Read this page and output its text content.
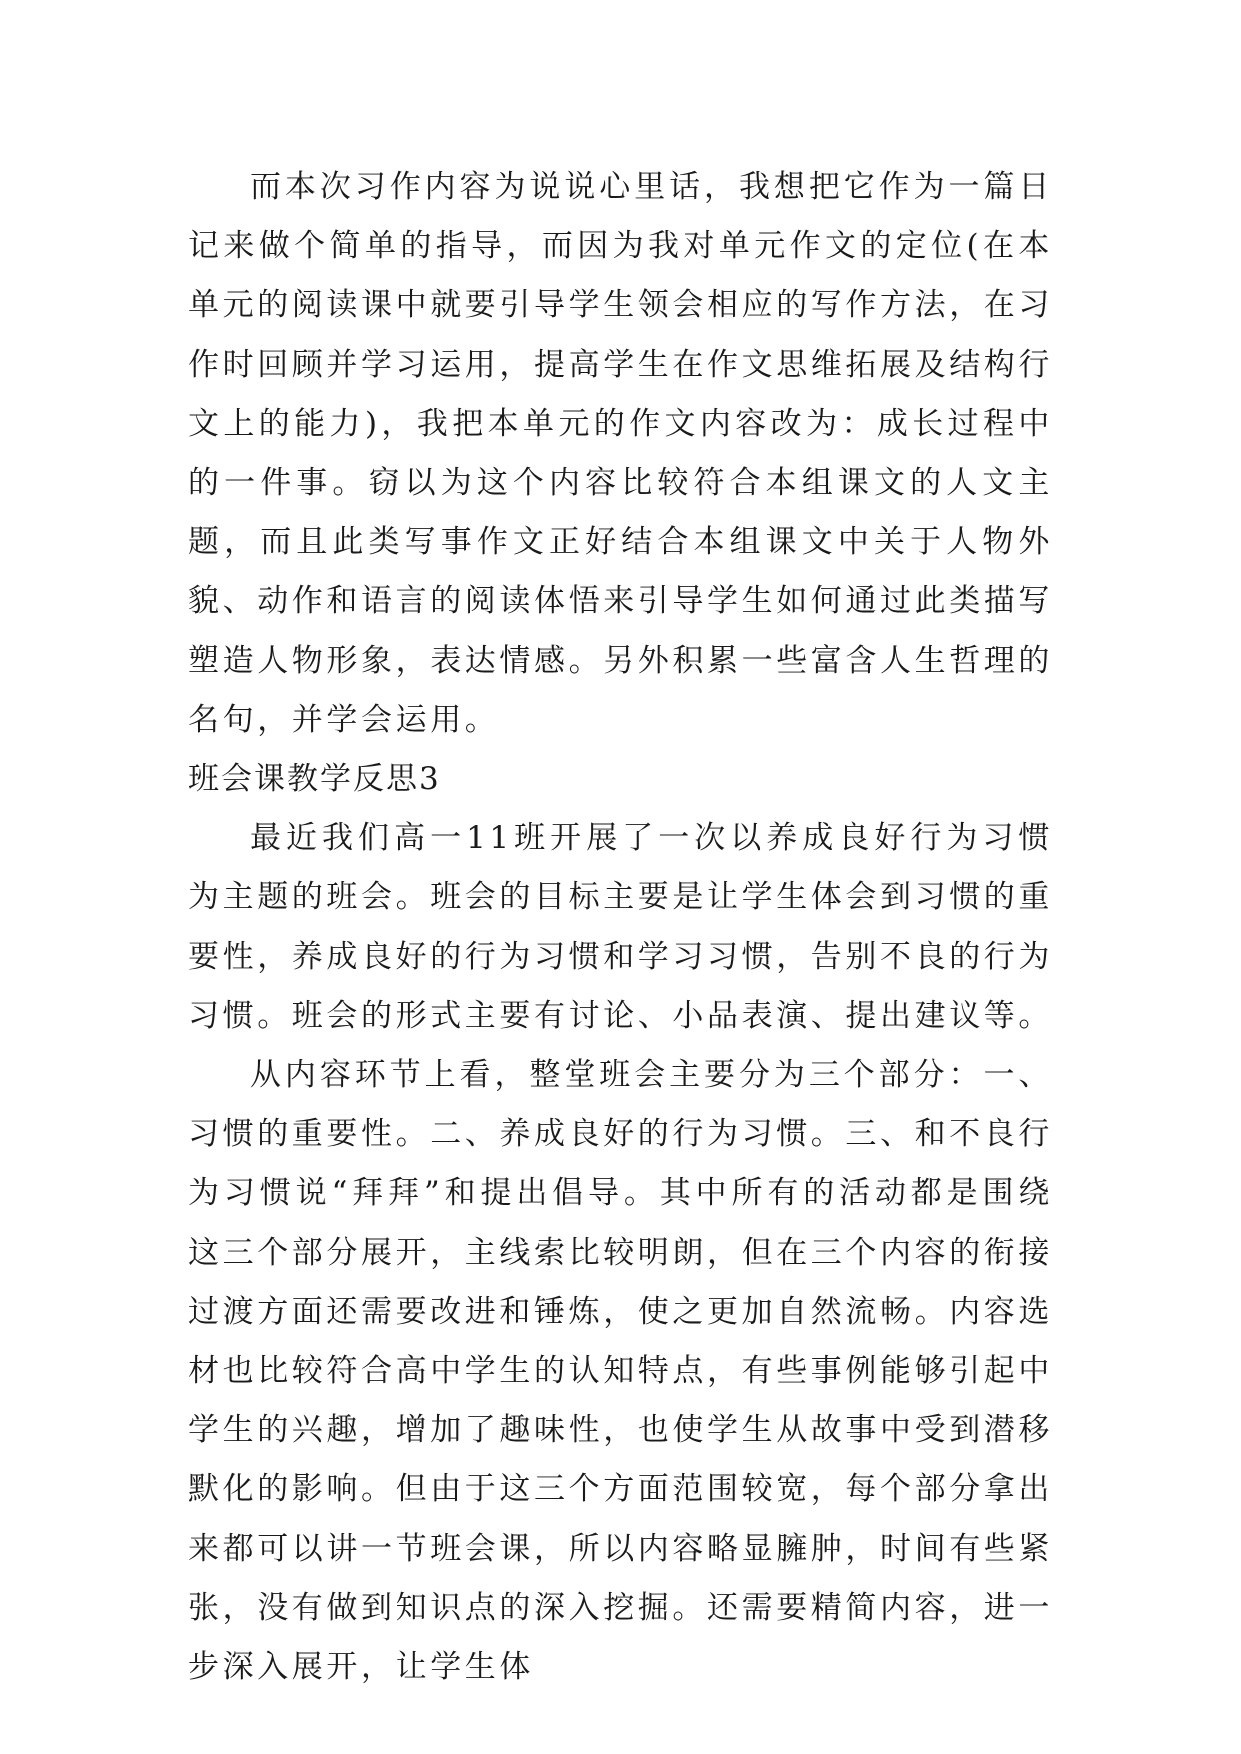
而本次习作内容为说说心里话，我想把它作为一篇日记来做个简单的指导，而因为我对单元作文的定位(在本单元的阅读课中就要引导学生领会相应的写作方法，在习作时回顾并学习运用，提高学生在作文思维拓展及结构行文上的能力)，我把本单元的作文内容改为：成长过程中的一件事。窃以为这个内容比较符合本组课文的人文主题，而且此类写事作文正好结合本组课文中关于人物外貌、动作和语言的阅读体悟来引导学生如何通过此类描写塑造人物形象，表达情感。另外积累一些富含人生哲理的名句，并学会运用。

班会课教学反思3

最近我们高一11班开展了一次以养成良好行为习惯为主题的班会。班会的目标主要是让学生体会到习惯的重要性，养成良好的行为习惯和学习习惯，告别不良的行为习惯。班会的形式主要有讨论、小品表演、提出建议等。

从内容环节上看，整堂班会主要分为三个部分：一、习惯的重要性。二、养成良好的行为习惯。三、和不良行为习惯说“拜拜”和提出倡导。其中所有的活动都是围绕这三个部分展开，主线索比较明朗，但在三个内容的衔接过渡方面还需要改进和锤炼，使之更加自然流畅。内容选材也比较符合高中学生的认知特点，有些事例能够引起中学生的兴趣，增加了趣味性，也使学生从故事中受到潜移默化的影响。但由于这三个方面范围较宽，每个部分拿出来都可以讲一节班会课，所以内容略显臃肿，时间有些紧张，没有做到知识点的深入挖掘。还需要精简内容，进一步深入展开，让学生体
